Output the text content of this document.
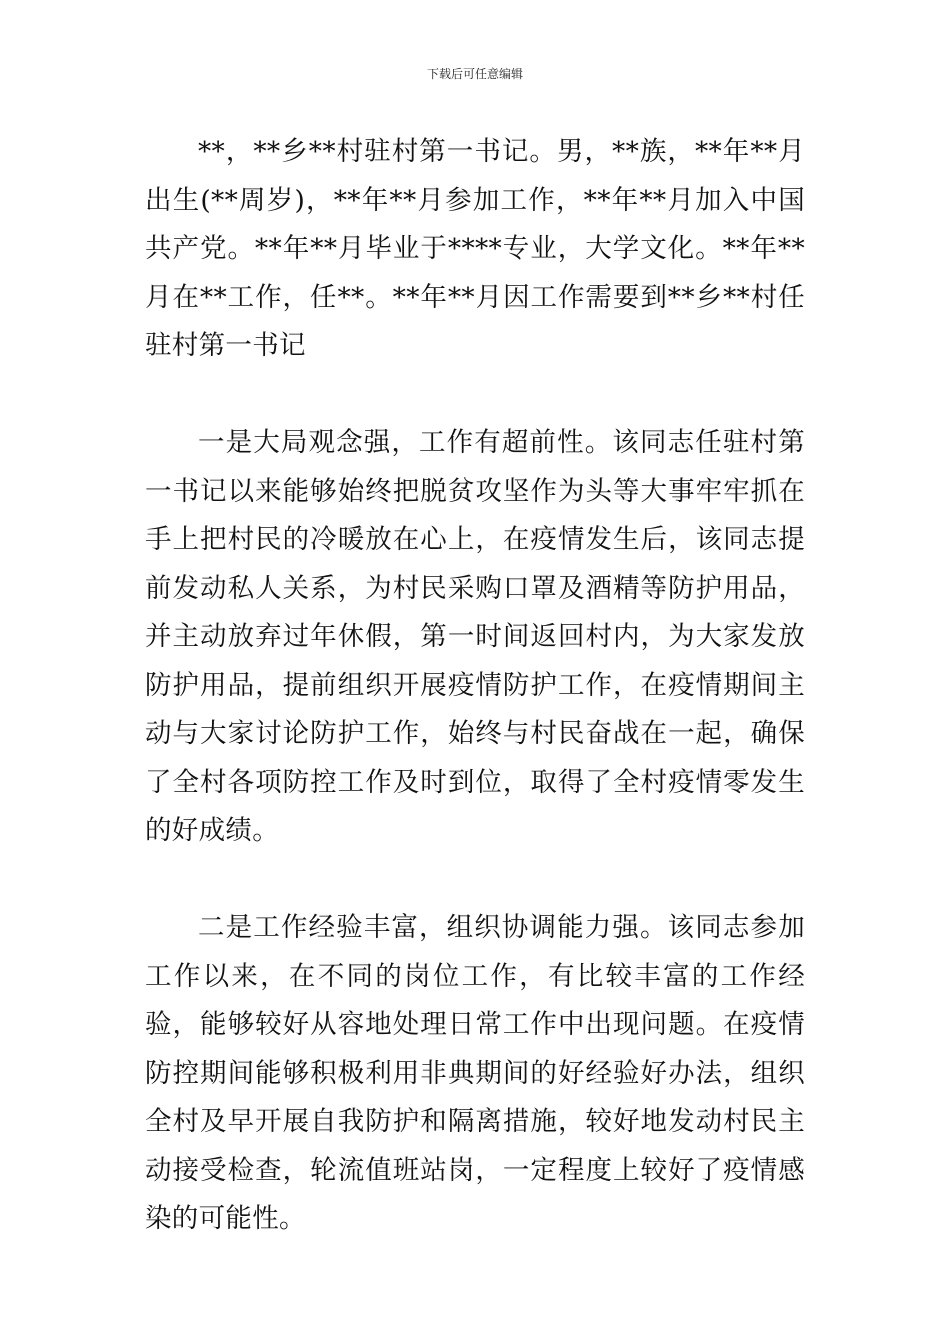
下载后可任意编辑

**，**乡**村驻村第一书记。男，**族，**年**月出生(**周岁)，**年**月参加工作，**年**月加入中国共产党。**年**月毕业于****专业，大学文化。**年**月在**工作，任**。**年**月因工作需要到**乡**村任驻村第一书记

一是大局观念强，工作有超前性。该同志任驻村第一书记以来能够始终把脱贫攻坚作为头等大事牢牢抓在手上把村民的冷暖放在心上，在疫情发生后，该同志提前发动私人关系，为村民采购口罩及酒精等防护用品，并主动放弃过年休假，第一时间返回村内，为大家发放防护用品，提前组织开展疫情防护工作，在疫情期间主动与大家讨论防护工作，始终与村民奋战在一起，确保了全村各项防控工作及时到位，取得了全村疫情零发生的好成绩。

二是工作经验丰富，组织协调能力强。该同志参加工作以来，在不同的岗位工作，有比较丰富的工作经验，能够较好从容地处理日常工作中出现问题。在疫情防控期间能够积极利用非典期间的好经验好办法，组织全村及早开展自我防护和隔离措施，较好地发动村民主动接受检查，轮流值班站岗，一定程度上较好了疫情感染的可能性。
